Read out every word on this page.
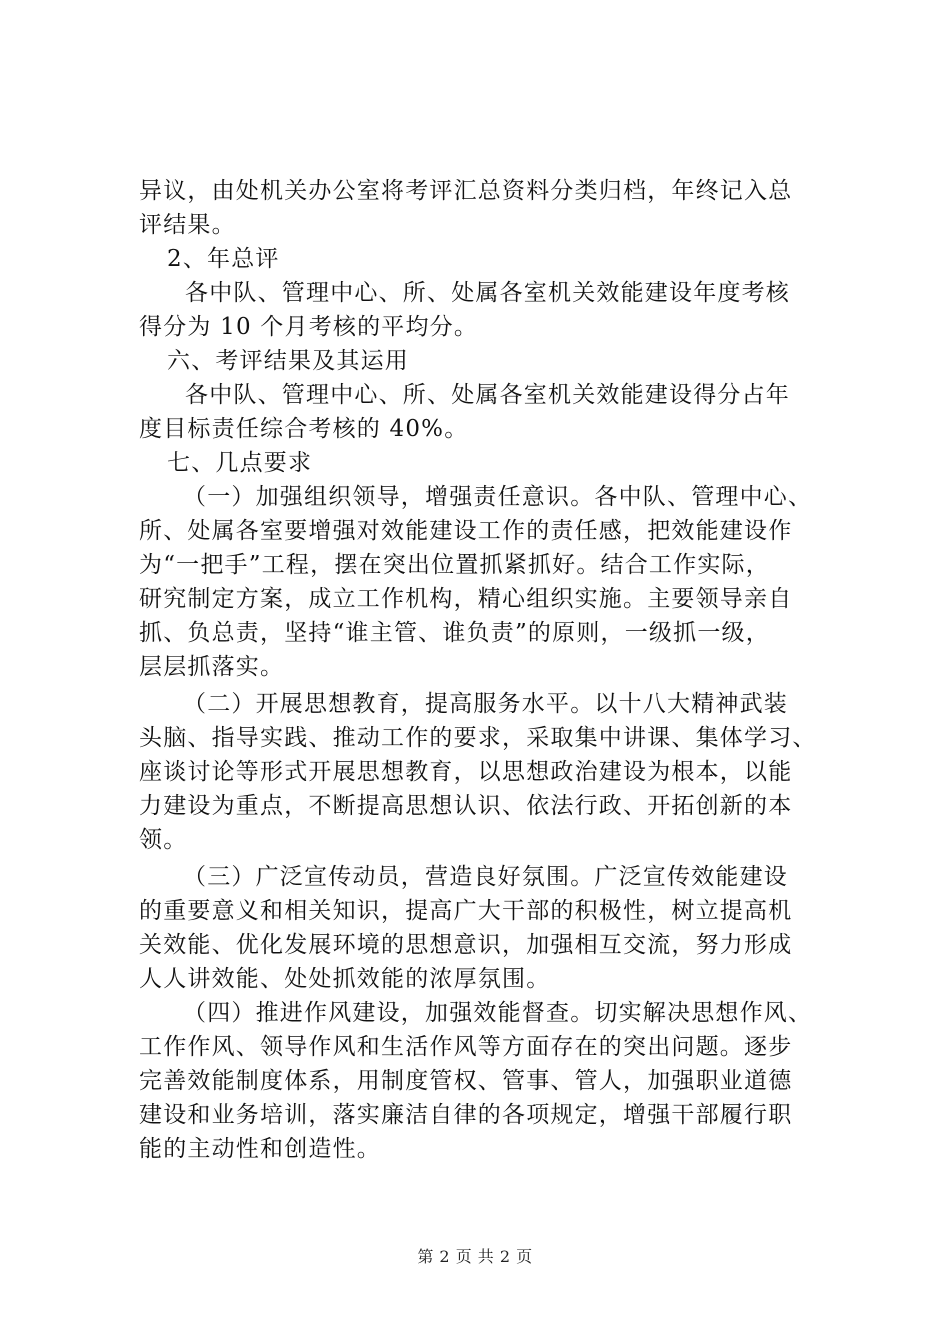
异议，由处机关办公室将考评汇总资料分类归档，年终记入总
评结果。
2、年总评
各中队、管理中心、所、处属各室机关效能建设年度考核
得分为 10 个月考核的平均分。
六、考评结果及其运用
各中队、管理中心、所、处属各室机关效能建设得分占年
度目标责任综合考核的 40%。
七、几点要求
（一）加强组织领导，增强责任意识。各中队、管理中心、
所、处属各室要增强对效能建设工作的责任感，把效能建设作
为“一把手”工程，摆在突出位置抓紧抓好。结合工作实际，
研究制定方案，成立工作机构，精心组织实施。主要领导亲自
抓、负总责，坚持“谁主管、谁负责”的原则，一级抓一级，
层层抓落实。
（二）开展思想教育，提高服务水平。以十八大精神武装
头脑、指导实践、推动工作的要求，采取集中讲课、集体学习、
座谈讨论等形式开展思想教育，以思想政治建设为根本，以能
力建设为重点，不断提高思想认识、依法行政、开拓创新的本
领。
（三）广泛宣传动员，营造良好氛围。广泛宣传效能建设
的重要意义和相关知识，提高广大干部的积极性，树立提高机
关效能、优化发展环境的思想意识，加强相互交流，努力形成
人人讲效能、处处抓效能的浓厚氛围。
（四）推进作风建设，加强效能督查。切实解决思想作风、
工作作风、领导作风和生活作风等方面存在的突出问题。逐步
完善效能制度体系，用制度管权、管事、管人，加强职业道德
建设和业务培训，落实廉洁自律的各项规定，增强干部履行职
能的主动性和创造性。
第 2 页 共 2 页
